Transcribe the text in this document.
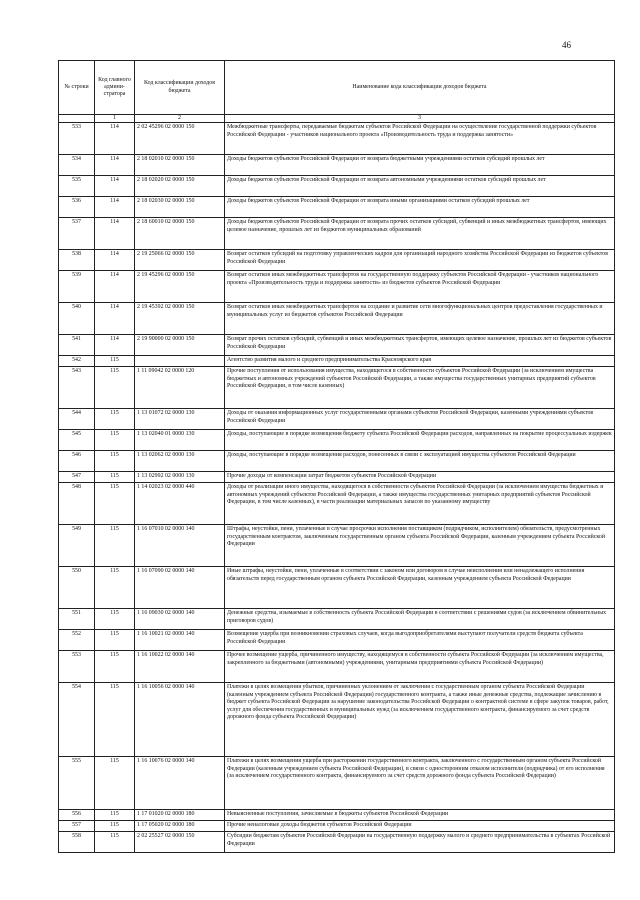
46
№ строки	Код главного админи-стратора	Код классификации доходов бюджета	Наименование кода классификации доходов бюджета
	1	2	3
533	114	2 02 45296 02 0000 150	Межбюджетные трансферты, передаваемые бюджетам субъектов Российской Федерации на осуществление государственной поддержки субъектов Российской Федерации - участников национального проекта «Производительность труда и поддержка занятости»
534	114	2 18 02010 02 0000 150	Доходы бюджетов субъектов Российской Федерации от возврата бюджетными учреждениями остатков субсидий прошлых лет
535	114	2 18 02020 02 0000 150	Доходы бюджетов субъектов Российской Федерации от возврата автономными учреждениями остатков субсидий прошлых лет
536	114	2 18 02030 02 0000 150	Доходы бюджетов субъектов Российской Федерации от возврата иными организациями остатков субсидий прошлых лет
537	114	2 18 60010 02 0000 150	Доходы бюджетов субъектов Российской Федерации от возврата прочих остатков субсидий, субвенций и иных межбюджетных трансфертов, имеющих целевое назначение, прошлых лет из бюджетов муниципальных образований
538	114	2 19 25066 02 0000 150	Возврат остатков субсидий на подготовку управленческих кадров для организаций народного хозяйства Российской Федерации из бюджетов субъектов Российской Федерации
539	114	2 19 45296 02 0000 150	Возврат остатков иных межбюджетных трансфертов на государственную поддержку субъектов Российской Федерации - участников национального проекта «Производительность труда и поддержка занятости» из бюджетов субъектов Российской Федерации
540	114	2 19 45392 02 0000 150	Возврат остатков иных межбюджетных трансфертов на создание и развитие сети многофункциональных центров предоставления государственных и муниципальных услуг из бюджетов субъектов Российской Федерации
541	114	2 19 90000 02 0000 150	Возврат прочих остатков субсидий, субвенций и иных межбюджетных трансфертов, имеющих целевое назначение, прошлых лет из бюджетов субъектов Российской Федерации
542	115		Агентство развития малого и среднего предпринимательства Красноярского края
543	115	1 11 09042 02 0000 120	Прочие поступления от использования имущества, находящегося в собственности субъектов Российской Федерации (за исключением имущества бюджетных и автономных учреждений субъектов Российской Федерации, а также имущества государственных унитарных предприятий субъектов Российской Федерации, в том числе казенных)
544	115	1 13 01072 02 0000 130	Доходы от оказания информационных услуг государственными органами субъектов Российской Федерации, казенными учреждениями субъектов Российской Федерации
545	115	1 13 02040 01 0000 130	Доходы, поступающие в порядке возмещения бюджету субъекта Российской Федерации расходов, направленных на покрытие процессуальных издержек
546	115	1 13 02062 02 0000 130	Доходы, поступающие в порядке возмещения расходов, понесенных в связи с эксплуатацией имущества субъектов Российской Федерации
547	115	1 13 02992 02 0000 130	Прочие доходы от компенсации затрат бюджетов субъектов Российской Федерации
548	115	1 14 02023 02 0000 440	Доходы от реализации иного имущества, находящегося в собственности субъектов Российской Федерации (за исключением имущества бюджетных и автономных учреждений субъектов Российской Федерации, а также имущества государственных унитарных предприятий субъектов Российской Федерации, в том числе казенных), в части реализации материальных запасов по указанному имуществу
549	115	1 16 07010 02 0000 140	Штрафы, неустойки, пени, уплаченные в случае просрочки исполнения поставщиком (подрядчиком, исполнителем) обязательств, предусмотренных государственным контрактом, заключенным государственным органом субъекта Российской Федерации, казенным учреждением субъекта Российской Федерации
550	115	1 16 07090 02 0000 140	Иные штрафы, неустойки, пени, уплаченные в соответствии с законом или договором в случае неисполнения или ненадлежащего исполнения обязательств перед государственным органом субъекта Российской Федерации, казенным учреждением субъекта Российской Федерации
551	115	1 16 09030 02 0000 140	Денежные средства, изымаемые в собственность субъекта Российской Федерации в соответствии с решениями судов (за исключением обвинительных приговоров судов)
552	115	1 16 10021 02 0000 140	Возмещение ущерба при возникновении страховых случаев, когда выгодоприобретателями выступают получатели средств бюджета субъекта Российской Федерации
553	115	1 16 10022 02 0000 140	Прочее возмещение ущерба, причиненного имуществу, находящемуся в собственности субъекта Российской Федерации (за исключением имущества, закрепленного за бюджетными (автономными) учреждениями, унитарными предприятиями субъекта Российской Федерации)
554	115	1 16 10056 02 0000 140	Платежи в целях возмещения убытков, причиненных уклонением от заключения с государственным органом субъекта Российской Федерации (казенным учреждением субъекта Российской Федерации) государственного контракта, а также иные денежные средства, подлежащие зачислению в бюджет субъекта Российской Федерации за нарушение законодательства Российской Федерации о контрактной системе в сфере закупок товаров, работ, услуг для обеспечения государственных и муниципальных нужд (за исключением государственного контракта, финансируемого за счет средств дорожного фонда субъекта Российской Федерации)
555	115	1 16 10076 02 0000 140	Платежи в целях возмещения ущерба при расторжении государственного контракта, заключенного с государственным органом субъекта Российской Федерации (казенным учреждением субъекта Российской Федерации), в связи с односторонним отказом исполнителя (подрядчика) от его исполнения (за исключением государственного контракта, финансируемого за счет средств дорожного фонда субъекта Российской Федерации)
556	115	1 17 01020 02 0000 180	Невыясненные поступления, зачисляемые в бюджеты субъектов Российской Федерации
557	115	1 17 05020 02 0000 180	Прочие неналоговые доходы бюджетов субъектов Российской Федерации
558	115	2 02 25527 02 0000 150	Субсидии бюджетам субъектов Российской Федерации на государственную поддержку малого и среднего предпринимательства в субъектах Российской Федерации
